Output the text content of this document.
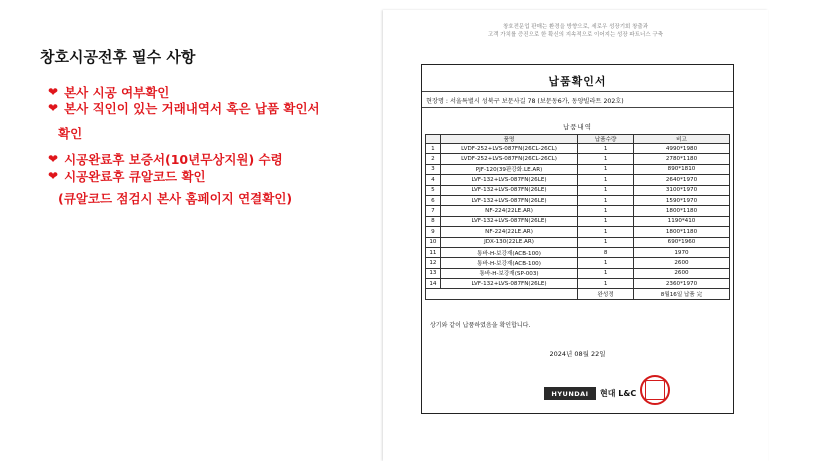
창호시공전후 필수 사항
❤ 본사 시공 여부확인
❤ 본사 직인이 있는 거래내역서 혹은 납품 확인서
확인
❤ 시공완료후 보증서(10년무상지원) 수령
❤ 시공완료후 큐알코드 확인
(큐알코드 점검시 본사 홈페이지 연결확인)
창호전문업 판매는 환경을 방향으로, 세로우 성장기회 창출과
고객 가치를 증진으로 한 확신의 지속적으로 이어지는 성장 파트너스 구축
납품확인서
현장명 : 서울특별시 성북구 보문사길 78 (보문동6가, 동양빌라트 202호)
납품내역
NO	품명	납품수량	비고
1	LVDF-252+LVS-087FN(26CL-26CL)	1	4990*1980
2	LVDF-252+LVS-087FN(26CL-26CL)	1	2780*1180
3	PJF-120(39판강화.LE.AR)	1	890*1810
4	LVF-132+LVS-087FN(26LE)	1	2640*1970
5	LVF-132+LVS-087FN(26LE)	1	3100*1970
6	LVF-132+LVS-087FN(26LE)	1	1590*1970
7	NF-224(22LE.AR)	1	1800*1180
8	LVF-132+LVS-087FN(26LE)	1	1190*410
9	NF-224(22LE.AR)	1	1800*1180
10	JDX-130(22LE.AR)	1	690*1960
11	통바-H-보강재(ACB-100)	8	1970
12	통바-H-보강재(ACB-100)	1	2600
13	통바-H-보강재(SP-003)	1	2600
14	LVF-132+LVS-087FN(26LE)	1	2360*1970
		완성정	8월16일 납품 完
상기와 같이 납품하였음을 확인합니다.
2024년 08월 22일
HYUNDAI	현대 L&C
